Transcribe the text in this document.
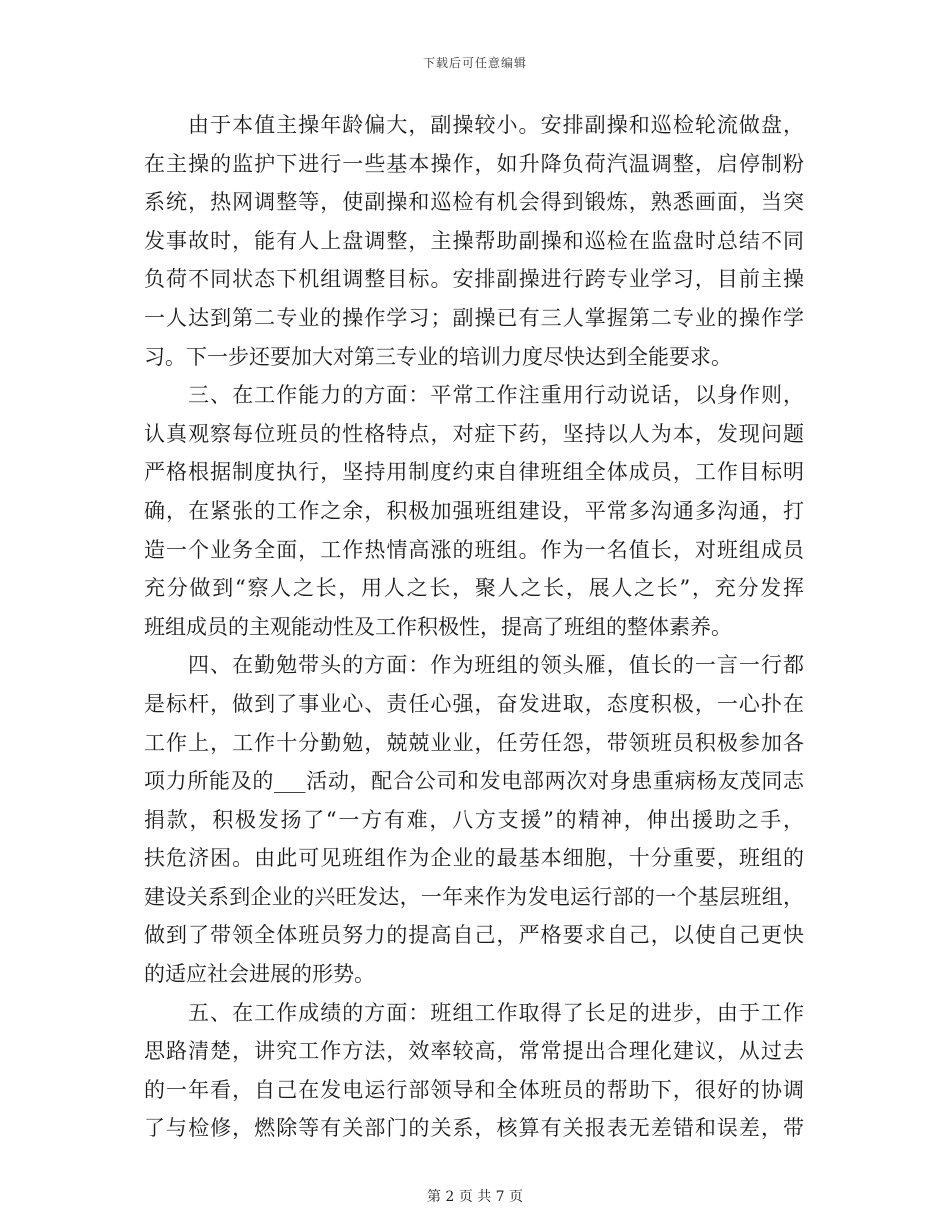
下载后可任意编辑
由于本值主操年龄偏大，副操较小。安排副操和巡检轮流做盘，
在主操的监护下进行一些基本操作，如升降负荷汽温调整，启停制粉
系统，热网调整等，使副操和巡检有机会得到锻炼，熟悉画面，当突
发事故时，能有人上盘调整，主操帮助副操和巡检在监盘时总结不同
负荷不同状态下机组调整目标。安排副操进行跨专业学习，目前主操
一人达到第二专业的操作学习；副操已有三人掌握第二专业的操作学
习。下一步还要加大对第三专业的培训力度尽快达到全能要求。
三、在工作能力的方面：平常工作注重用行动说话，以身作则，
认真观察每位班员的性格特点，对症下药，坚持以人为本，发现问题
严格根据制度执行，坚持用制度约束自律班组全体成员，工作目标明
确，在紧张的工作之余，积极加强班组建设，平常多沟通多沟通，打
造一个业务全面，工作热情高涨的班组。作为一名值长，对班组成员
充分做到“察人之长，用人之长，聚人之长，展人之长”，充分发挥
班组成员的主观能动性及工作积极性，提高了班组的整体素养。
四、在勤勉带头的方面：作为班组的领头雁，值长的一言一行都
是标杆，做到了事业心、责任心强，奋发进取，态度积极，一心扑在
工作上，工作十分勤勉，兢兢业业，任劳任怨，带领班员积极参加各
项力所能及的___活动，配合公司和发电部两次对身患重病杨友茂同志
捐款，积极发扬了“一方有难，八方支援”的精神，伸出援助之手，
扶危济困。由此可见班组作为企业的最基本细胞，十分重要，班组的
建设关系到企业的兴旺发达，一年来作为发电运行部的一个基层班组，
做到了带领全体班员努力的提高自己，严格要求自己，以使自己更快
的适应社会进展的形势。
五、在工作成绩的方面：班组工作取得了长足的进步，由于工作
思路清楚，讲究工作方法，效率较高，常常提出合理化建议，从过去
的一年看，自己在发电运行部领导和全体班员的帮助下，很好的协调
了与检修，燃除等有关部门的关系，核算有关报表无差错和误差，带
第 2 页 共 7 页
